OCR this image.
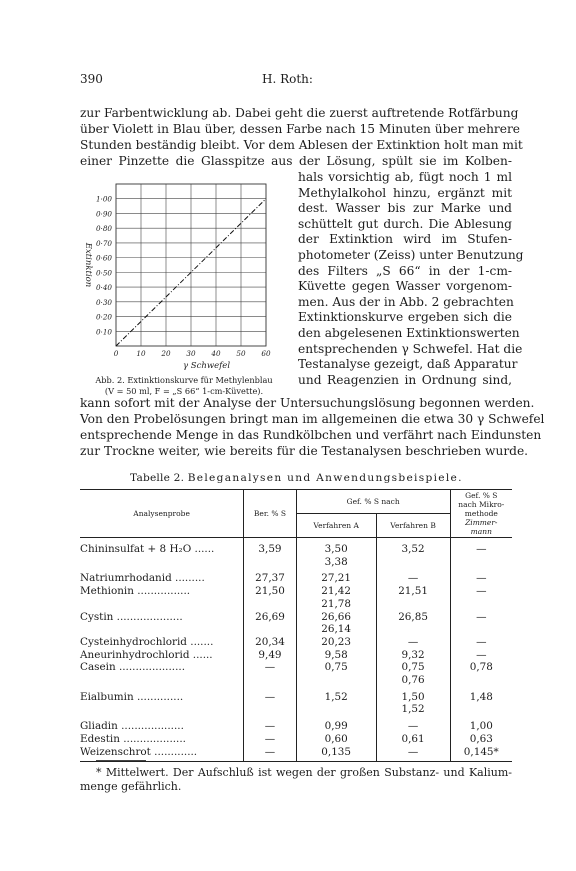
390	H. Roth:
zur Farbentwicklung ab. Dabei geht die zuerst auftretende Rotfärbung
über Violett in Blau über, dessen Farbe nach 15 Minuten über mehrere
Stunden beständig bleibt. Vor dem Ablesen der Extinktion holt man mit
einer Pinzette die Glasspitze aus der Lösung, spült sie im Kolben-
hals vorsichtig ab, fügt noch 1 ml
Methylalkohol hinzu, ergänzt mit
dest. Wasser bis zur Marke und
schüttelt gut durch. Die Ablesung
der Extinktion wird im Stufen-
photometer (Zeiss) unter Benutzung
des Filters „S 66“ in der 1-cm-
Küvette gegen Wasser vorgenom-
men. Aus der in Abb. 2 gebrachten
Extinktionskurve ergeben sich die
den abgelesenen Extinktionswerten
entsprechenden γ Schwefel. Hat die
Testanalyse gezeigt, daß Apparatur
und Reagenzien in Ordnung sind,
0·10
0·20
0·30
0·40
0·50
0·60
0·70
0·80
0·90
1·00
0	10 20 30 40 50 60
Extinktion
γ Schwefel
Abb. 2. Extinktionskurve für Methylenblau
(V = 50 ml, F = „S 66“ 1-cm-Küvette).
kann sofort mit der Analyse der Untersuchungslösung begonnen werden.
Von den Probelösungen bringt man im allgemeinen die etwa 30 γ Schwefel
entsprechende Menge in das Rundkölbchen und verfährt nach Eindunsten
zur Trockne weiter, wie bereits für die Testanalysen beschrieben wurde.
Tabelle 2. Beleganalysen und Anwendungsbeispiele.
Analysenprobe	Ber. % S	Gef. % S nach		Gef. % S
nach Mikro-
methode
Zimmer-
mann

		Verfahren A	Verfahren B	
Chininsulfat + 8 H₂O ......	3,59	3,50	3,52	—
		3,38		
Natriumrhodanid .........	27,37	27,21	—	—
Methionin ................	21,50	21,42	21,51	—
		21,78		
Cystin ....................	26,69	26,66	26,85	—
		26,14		
Cysteinhydrochlorid .......	20,34	20,23	—	—
Aneurinhydrochlorid ......	9,49	9,58	9,32	—
Casein ....................	—	0,75	0,75	0,78
			0,76	
Eialbumin ..............	—	1,52	1,50	1,48
			1,52	
Gliadin ...................	—	0,99	—	1,00
Edestin ...................	—	0,60	0,61	0,63
Weizenschrot .............	—	0,135	—	0,145*
* Mittelwert. Der Aufschluß ist wegen der großen Substanz- und Kalium-
menge gefährlich.
